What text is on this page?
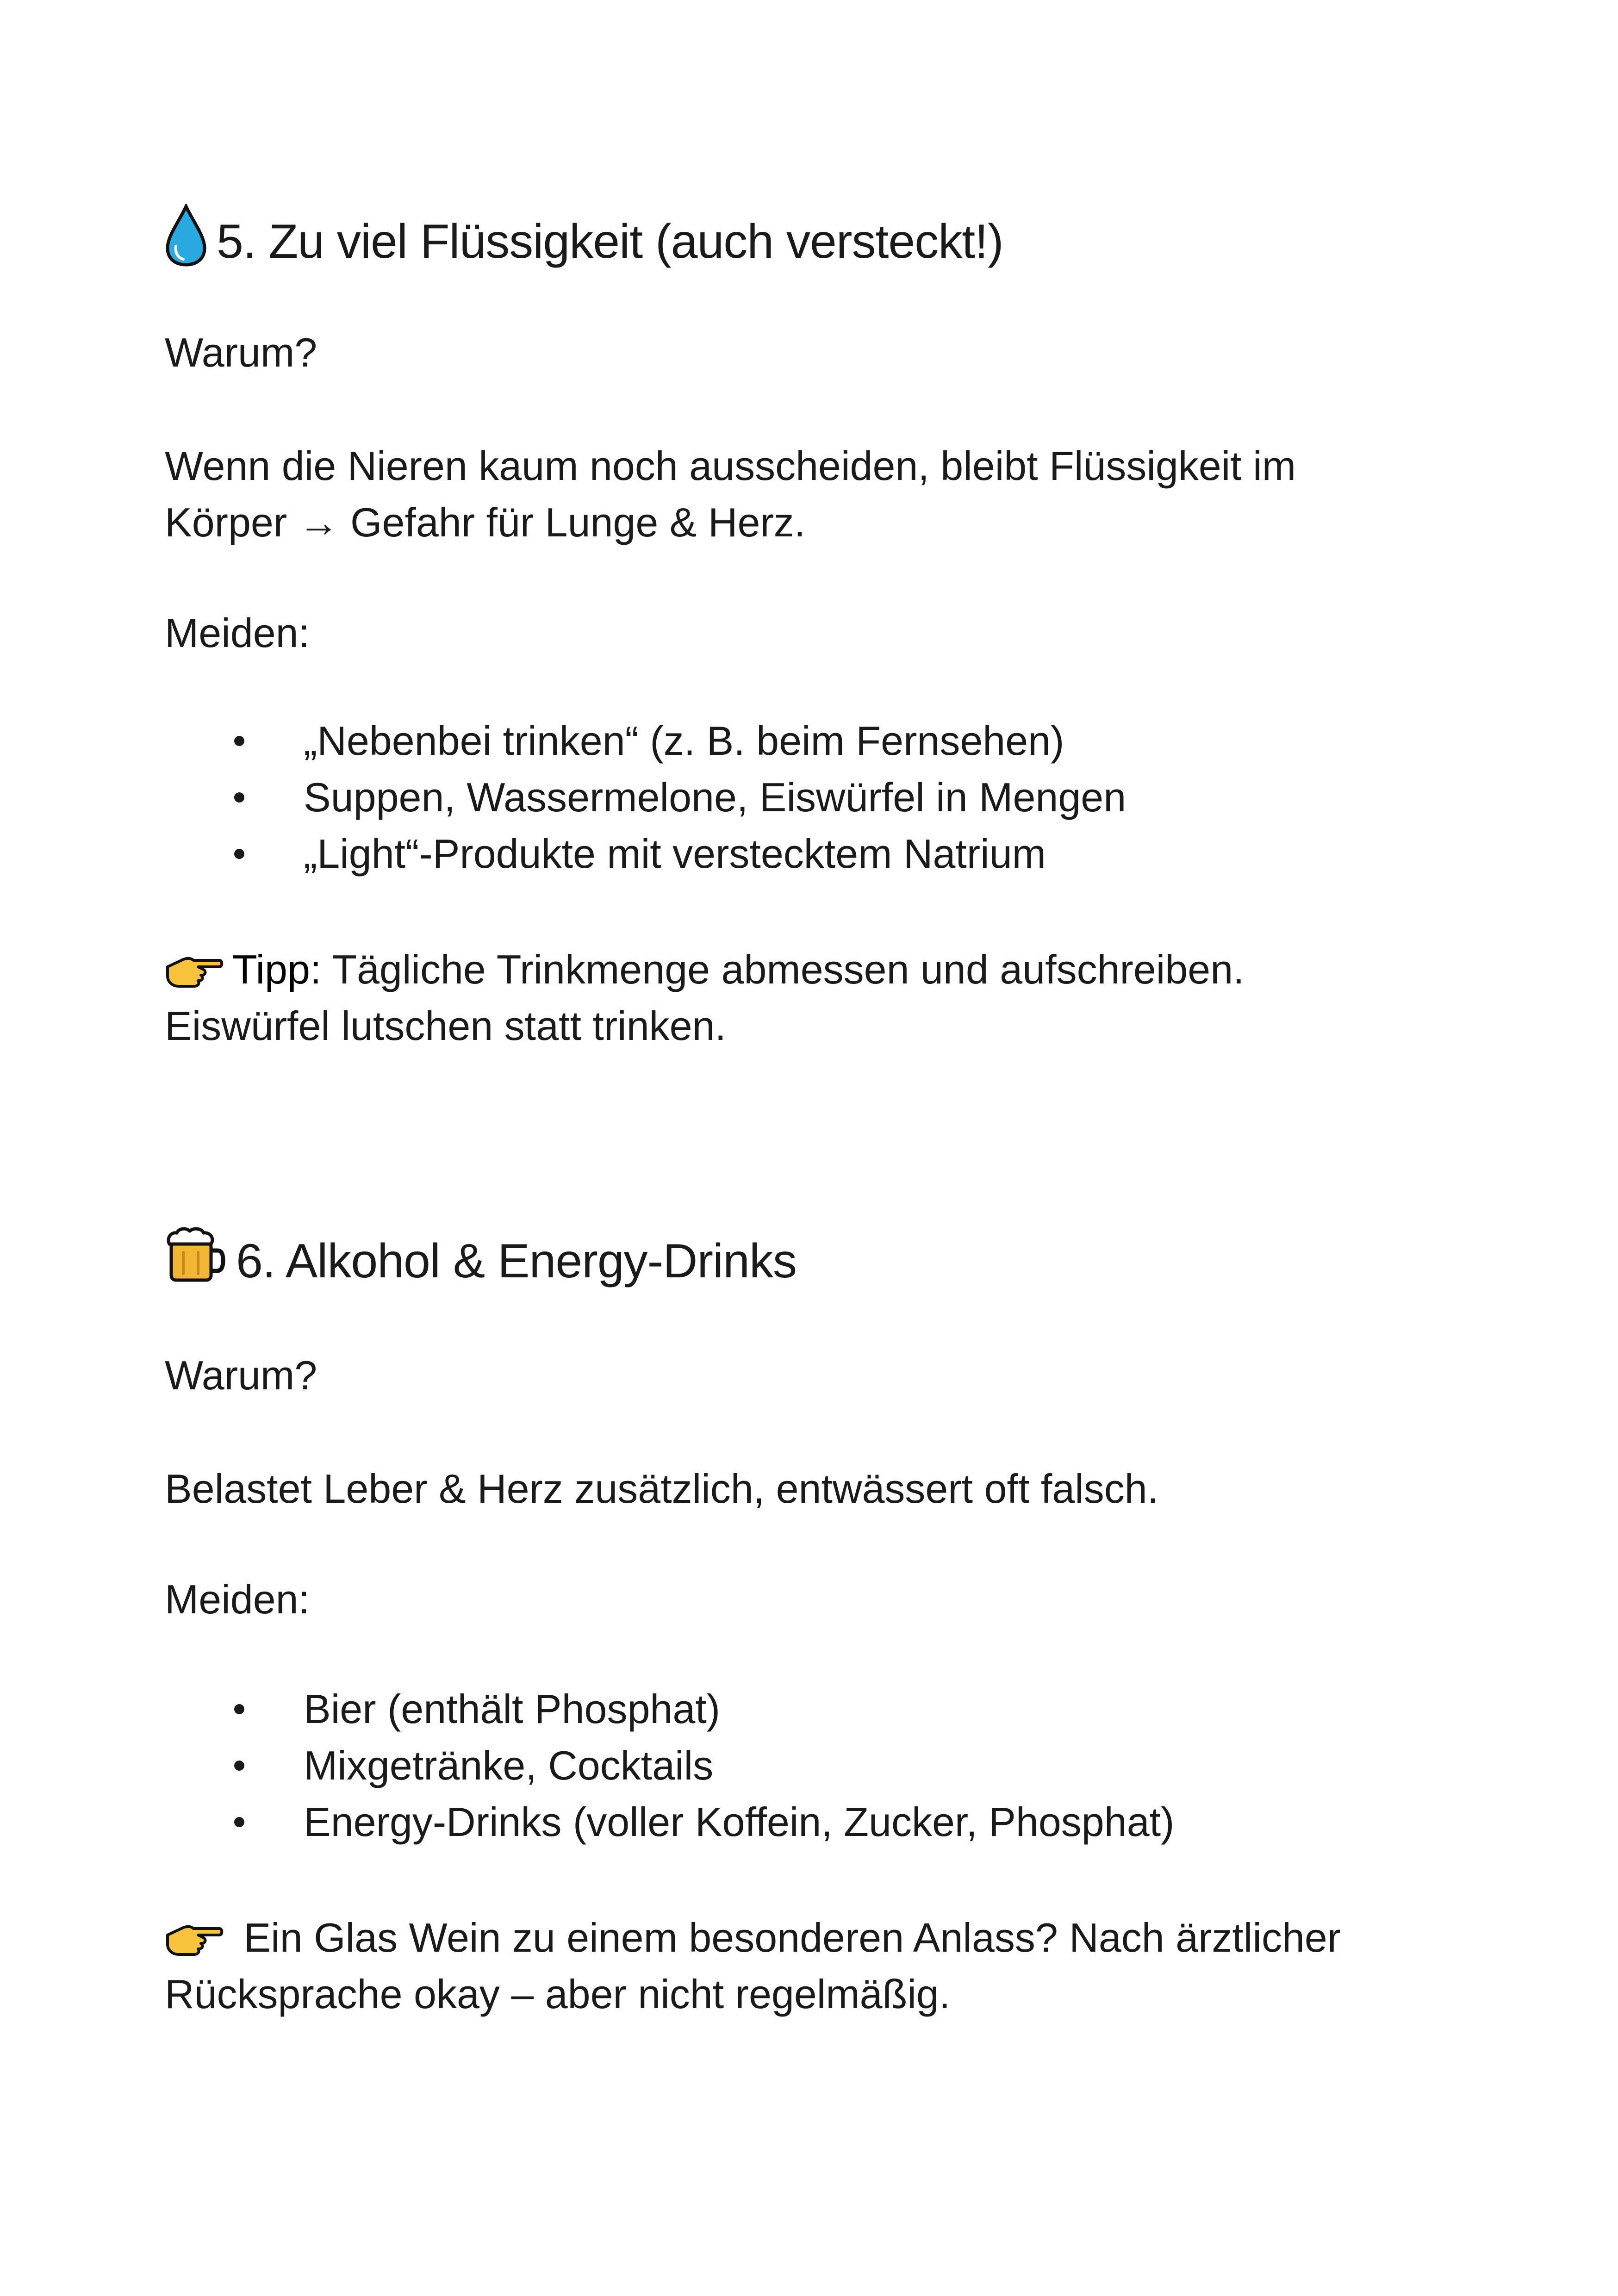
5. Zu viel Flüssigkeit (auch versteckt!)

Warum?

Wenn die Nieren kaum noch ausscheiden, bleibt Flüssigkeit im

Körper → Gefahr für Lunge & Herz.

Meiden:

„Nebenbei trinken“ (z. B. beim Fernsehen)
Suppen, Wassermelone, Eiswürfel in Mengen
„Light“-Produkte mit verstecktem Natrium

Tipp: Tägliche Trinkmenge abmessen und aufschreiben.

Eiswürfel lutschen statt trinken.

6. Alkohol & Energy-Drinks

Warum?

Belastet Leber & Herz zusätzlich, entwässert oft falsch.

Meiden:

Bier (enthält Phosphat)
Mixgetränke, Cocktails
Energy-Drinks (voller Koffein, Zucker, Phosphat)

Ein Glas Wein zu einem besonderen Anlass? Nach ärztlicher

Rücksprache okay – aber nicht regelmäßig.
